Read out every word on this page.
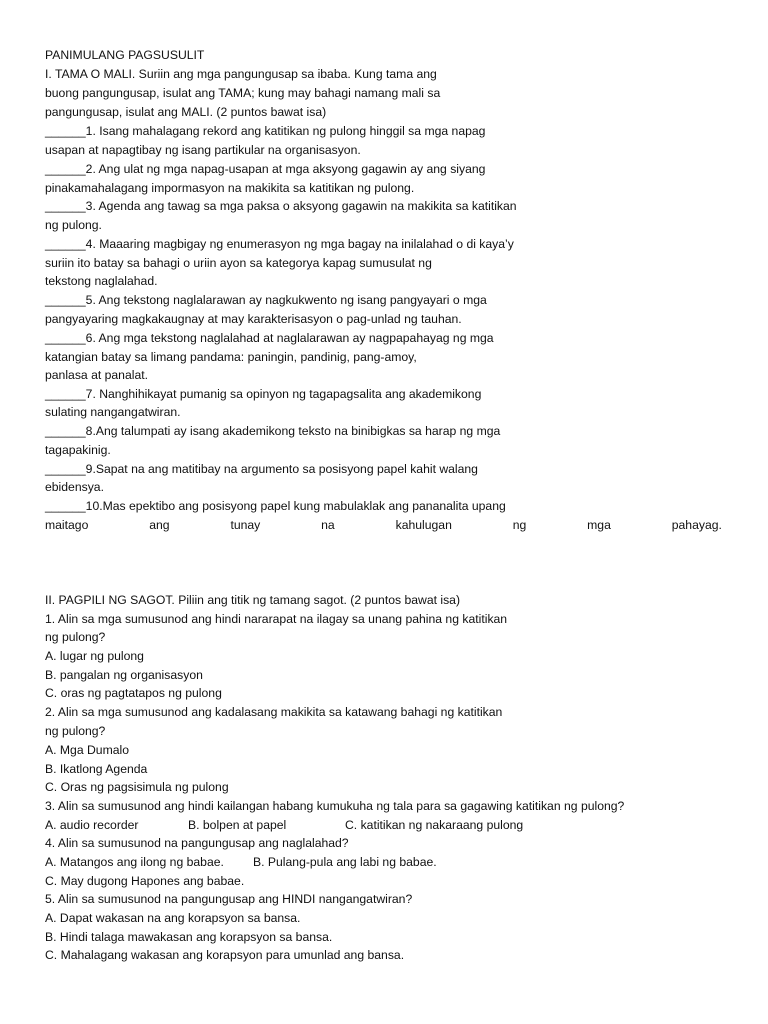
PANIMULANG PAGSUSULIT
I. TAMA O MALI. Suriin ang mga pangungusap sa ibaba. Kung tama ang
buong pangungusap, isulat ang TAMA; kung may bahagi namang mali sa
pangungusap, isulat ang MALI. (2 puntos bawat isa)
______1. Isang mahalagang rekord ang katitikan ng pulong hinggil sa mga napag
usapan at napagtibay ng isang partikular na organisasyon.
______2. Ang ulat ng mga napag-usapan at mga aksyong gagawin ay ang siyang
pinakamahalagang impormasyon na makikita sa katitikan ng pulong.
______3. Agenda ang tawag sa mga paksa o aksyong gagawin na makikita sa katitikan
ng pulong.
______4. Maaaring magbigay ng enumerasyon ng mga bagay na inilalahad o di kaya’y
suriin ito batay sa bahagi o uriin ayon sa kategorya kapag sumusulat ng
tekstong naglalahad.
______5. Ang tekstong naglalarawan ay nagkukwento ng isang pangyayari o mga
pangyayaring magkakaugnay at may karakterisasyon o pag-unlad ng tauhan.
______6. Ang mga tekstong naglalahad at naglalarawan ay nagpapahayag ng mga
katangian batay sa limang pandama: paningin, pandinig, pang-amoy,
panlasa at panalat.
______7. Nanghihikayat pumanig sa opinyon ng tagapagsalita ang akademikong
sulating nangangatwiran.
______8.Ang talumpati ay isang akademikong teksto na binibigkas sa harap ng mga
tagapakinig.
______9.Sapat na ang matitibay na argumento sa posisyong papel kahit walang
ebidensya.
______10.Mas epektibo ang posisyong papel kung mabulaklak ang pananalita upang
maitago	ang	tunay	na	kahulugan	ng	mga	pahayag.
II. PAGPILI NG SAGOT. Piliin ang titik ng tamang sagot. (2 puntos bawat isa)
1. Alin sa mga sumusunod ang hindi nararapat na ilagay sa unang pahina ng katitikan
ng pulong?
A. lugar ng pulong
B. pangalan ng organisasyon
C. oras ng pagtatapos ng pulong
2. Alin sa mga sumusunod ang kadalasang makikita sa katawang bahagi ng katitikan
ng pulong?
A. Mga Dumalo
B. Ikatlong Agenda
C. Oras ng pagsisimula ng pulong
3. Alin sa sumusunod ang hindi kailangan habang kumukuha ng tala para sa gagawing katitikan ng pulong?

A. audio recorder

	B. bolpen at papel

	C. katitikan ng nakaraang pulong

4. Alin sa sumusunod na pangungusap ang naglalahad?

A. Matangos ang ilong ng babae.

B. Pulang-pula ang labi ng babae.

C. May dugong Hapones ang babae.
5. Alin sa sumusunod na pangungusap ang HINDI nangangatwiran?
A. Dapat wakasan na ang korapsyon sa bansa.
B. Hindi talaga mawakasan ang korapsyon sa bansa.
C. Mahalagang wakasan ang korapsyon para umunlad ang bansa.
